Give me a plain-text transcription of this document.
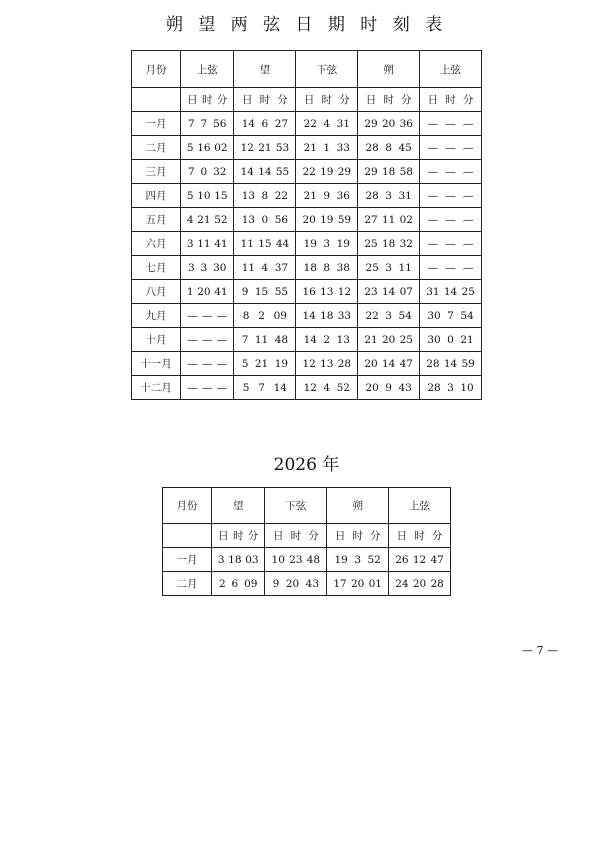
朔 望 两 弦 日 期 时 刻 表
月份	上弦	望	下弦	朔	上弦

	日 时 分	日 时 分	日 时 分	日 时 分	日 时 分

一月	7 7 56	14 6 27	22 4 31	29 20 36	— — —

二月	5 16 02	12 21 53	21 1 33	28 8 45	— — —

三月	7 0 32	14 14 55	22 19 29	29 18 58	— — —

四月	5 10 15	13 8 22	21 9 36	28 3 31	— — —

五月	4 21 52	13 0 56	20 19 59	27 11 02	— — —

六月	3 11 41	11 15 44	19 3 19	25 18 32	— — —

七月	3 3 30	11 4 37	18 8 38	25 3 11	— — —

八月	1 20 41	9 15 55	16 13 12	23 14 07	31 14 25

九月	— — —	8 2 09	14 18 33	22 3 54	30 7 54

十月	— — —	7 11 48	14 2 13	21 20 25	30 0 21

十一月	— — —	5 21 19	12 13 28	20 14 47	28 14 59

十二月	— — —	5 7 14	12 4 52	20 9 43	28 3 10
2026 年
月份	望	下弦	朔	上弦

	日 时 分	日 时 分	日 时 分	日 时 分

一月	3 18 03	10 23 48	19 3 52	26 12 47

二月	2 6 09	9 20 43	17 20 01	24 20 28
— 7 —
